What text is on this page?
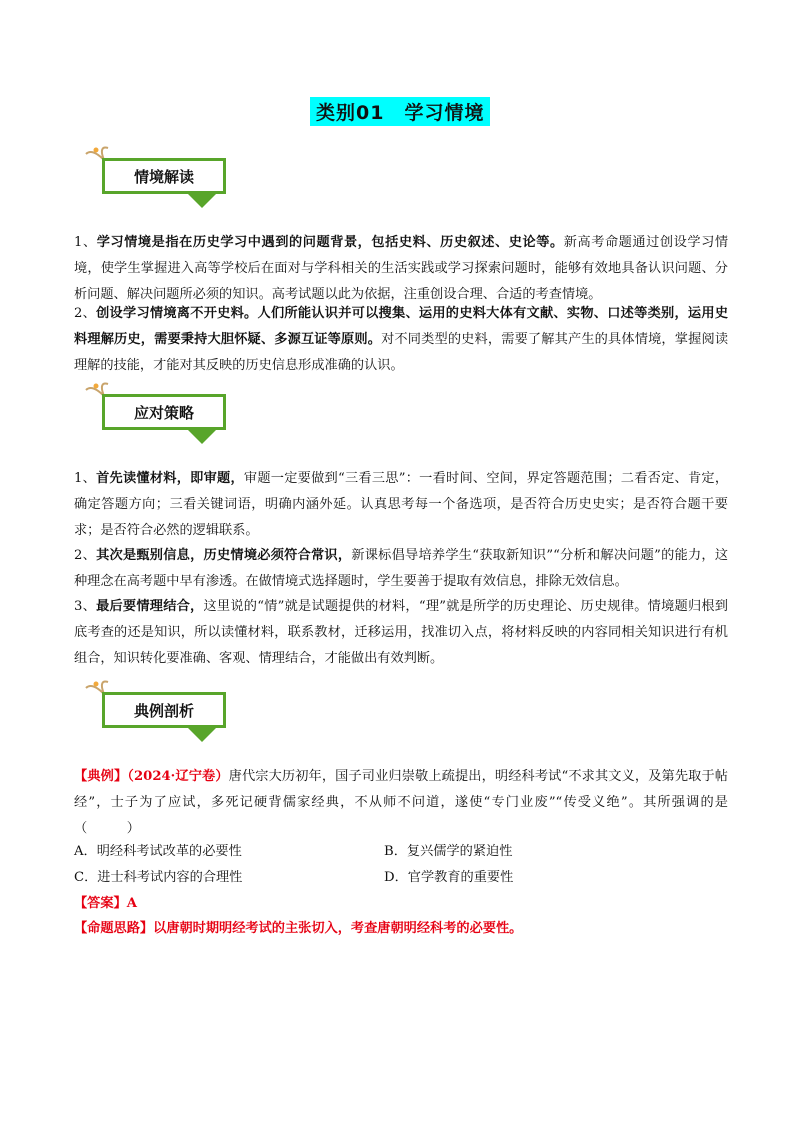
类别01　学习情境
情境解读
1、学习情境是指在历史学习中遇到的问题背景，包括史料、历史叙述、史论等。新高考命题通过创设学习情境，使学生掌握进入高等学校后在面对与学科相关的生活实践或学习探索问题时，能够有效地具备认识问题、分析问题、解决问题所必须的知识。高考试题以此为依据，注重创设合理、合适的考查情境。
2、创设学习情境离不开史料。人们所能认识并可以搜集、运用的史料大体有文献、实物、口述等类别，运用史料理解历史，需要秉持大胆怀疑、多源互证等原则。对不同类型的史料，需要了解其产生的具体情境，掌握阅读理解的技能，才能对其反映的历史信息形成准确的认识。
应对策略
1、首先读懂材料，即审题，审题一定要做到“三看三思”：一看时间、空间，界定答题范围；二看否定、肯定，确定答题方向；三看关键词语，明确内涵外延。认真思考每一个备选项，是否符合历史史实；是否符合题干要求；是否符合必然的逻辑联系。
2、其次是甄别信息，历史情境必须符合常识，新课标倡导培养学生“获取新知识”“分析和解决问题”的能力，这种理念在高考题中早有渗透。在做情境式选择题时，学生要善于提取有效信息，排除无效信息。
3、最后要情理结合，这里说的“情”就是试题提供的材料，“理”就是所学的历史理论、历史规律。情境题归根到底考查的还是知识，所以读懂材料，联系教材，迁移运用，找准切入点，将材料反映的内容同相关知识进行有机组合，知识转化要准确、客观、情理结合，才能做出有效判断。
典例剖析
【典例】（2024·辽宁卷）唐代宗大历初年，国子司业归崇敬上疏提出，明经科考试“不求其文义，及第先取于帖经”，士子为了应试，多死记硬背儒家经典，不从师不问道，遂使“专门业废”“传受义绝”。其所强调的是（　　　）
A．明经科考试改革的必要性	B．复兴儒学的紧迫性
C．进士科考试内容的合理性	D．官学教育的重要性
【答案】A
【命题思路】以唐朝时期明经考试的主张切入，考查唐朝明经科考的必要性。
